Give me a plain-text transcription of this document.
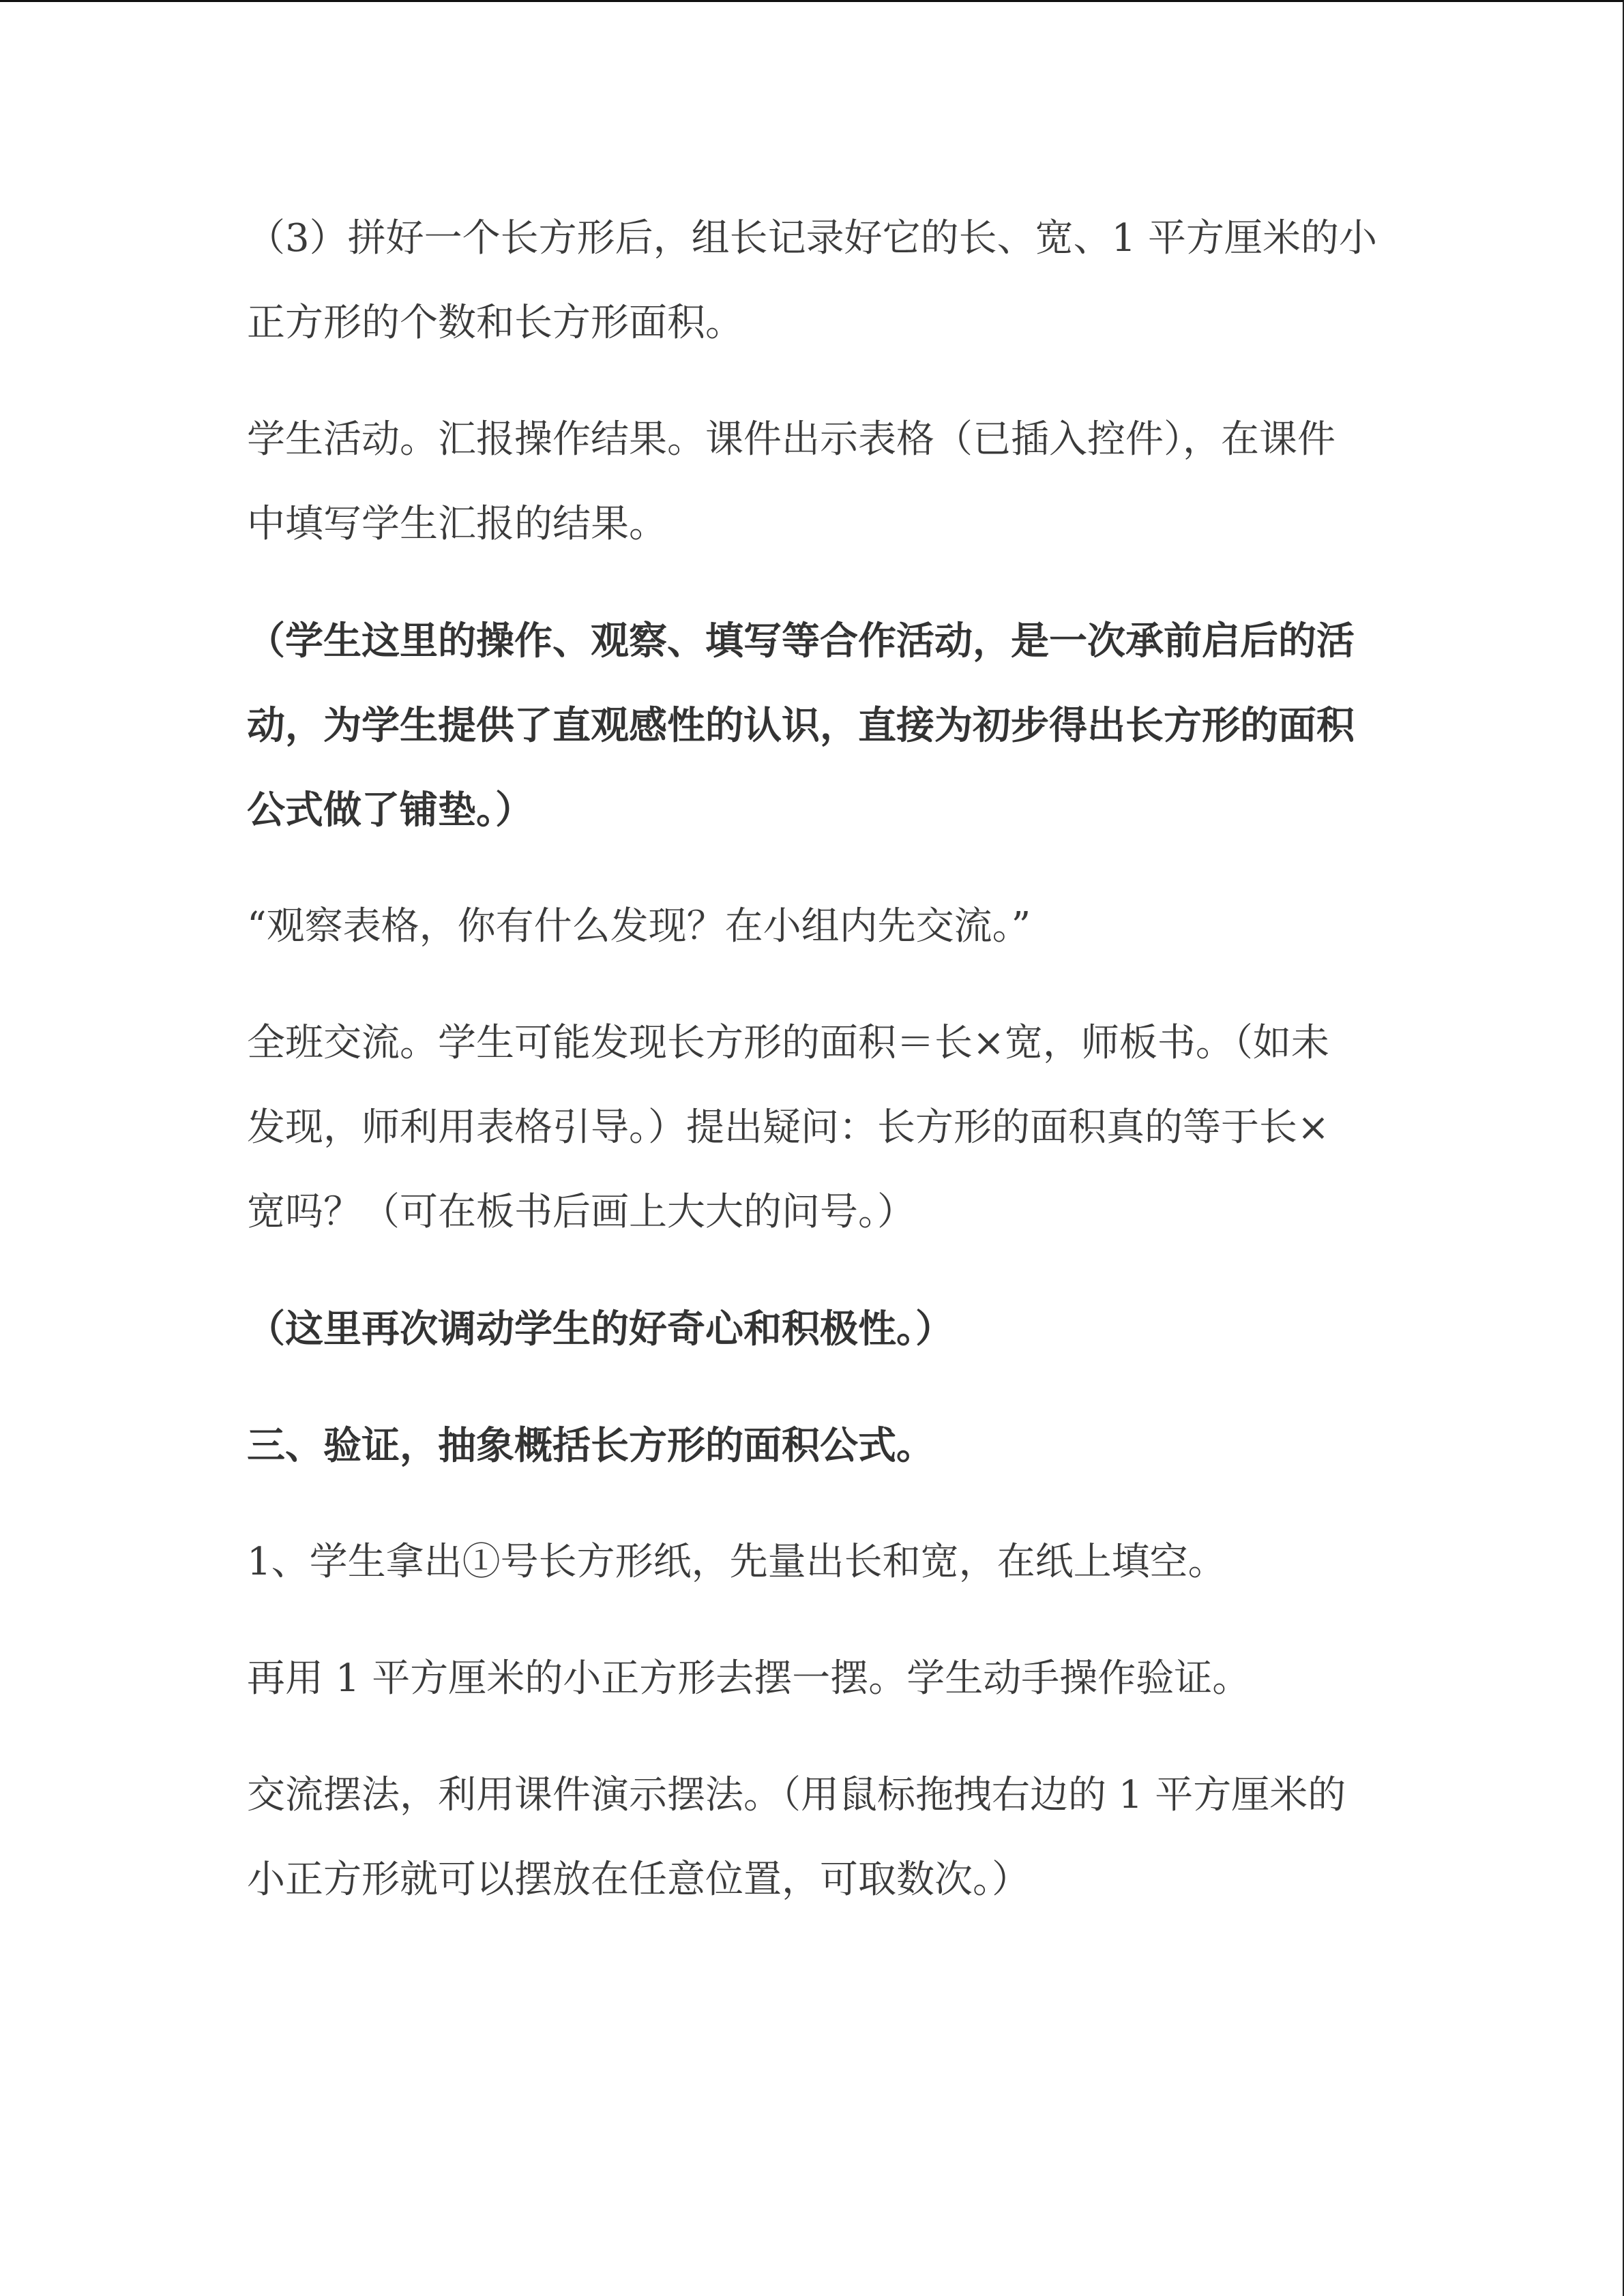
（3）拼好一个长方形后，组长记录好它的长、宽、1 平方厘米的小
正方形的个数和长方形面积。
学生活动。汇报操作结果。课件出示表格（已插入控件），在课件
中填写学生汇报的结果。
（学生这里的操作、观察、填写等合作活动，是一次承前启后的活
动，为学生提供了直观感性的认识，直接为初步得出长方形的面积
公式做了铺垫。）
“观察表格，你有什么发现？在小组内先交流。”
全班交流。学生可能发现长方形的面积＝长×宽，师板书。（如未
发现，师利用表格引导。）提出疑问：长方形的面积真的等于长×
宽吗？（可在板书后画上大大的问号。）
（这里再次调动学生的好奇心和积极性。）
三、验证，抽象概括长方形的面积公式。
1、学生拿出①号长方形纸，先量出长和宽，在纸上填空。
再用 1 平方厘米的小正方形去摆一摆。学生动手操作验证。
交流摆法，利用课件演示摆法。（用鼠标拖拽右边的 1 平方厘米的
小正方形就可以摆放在任意位置，可取数次。）
